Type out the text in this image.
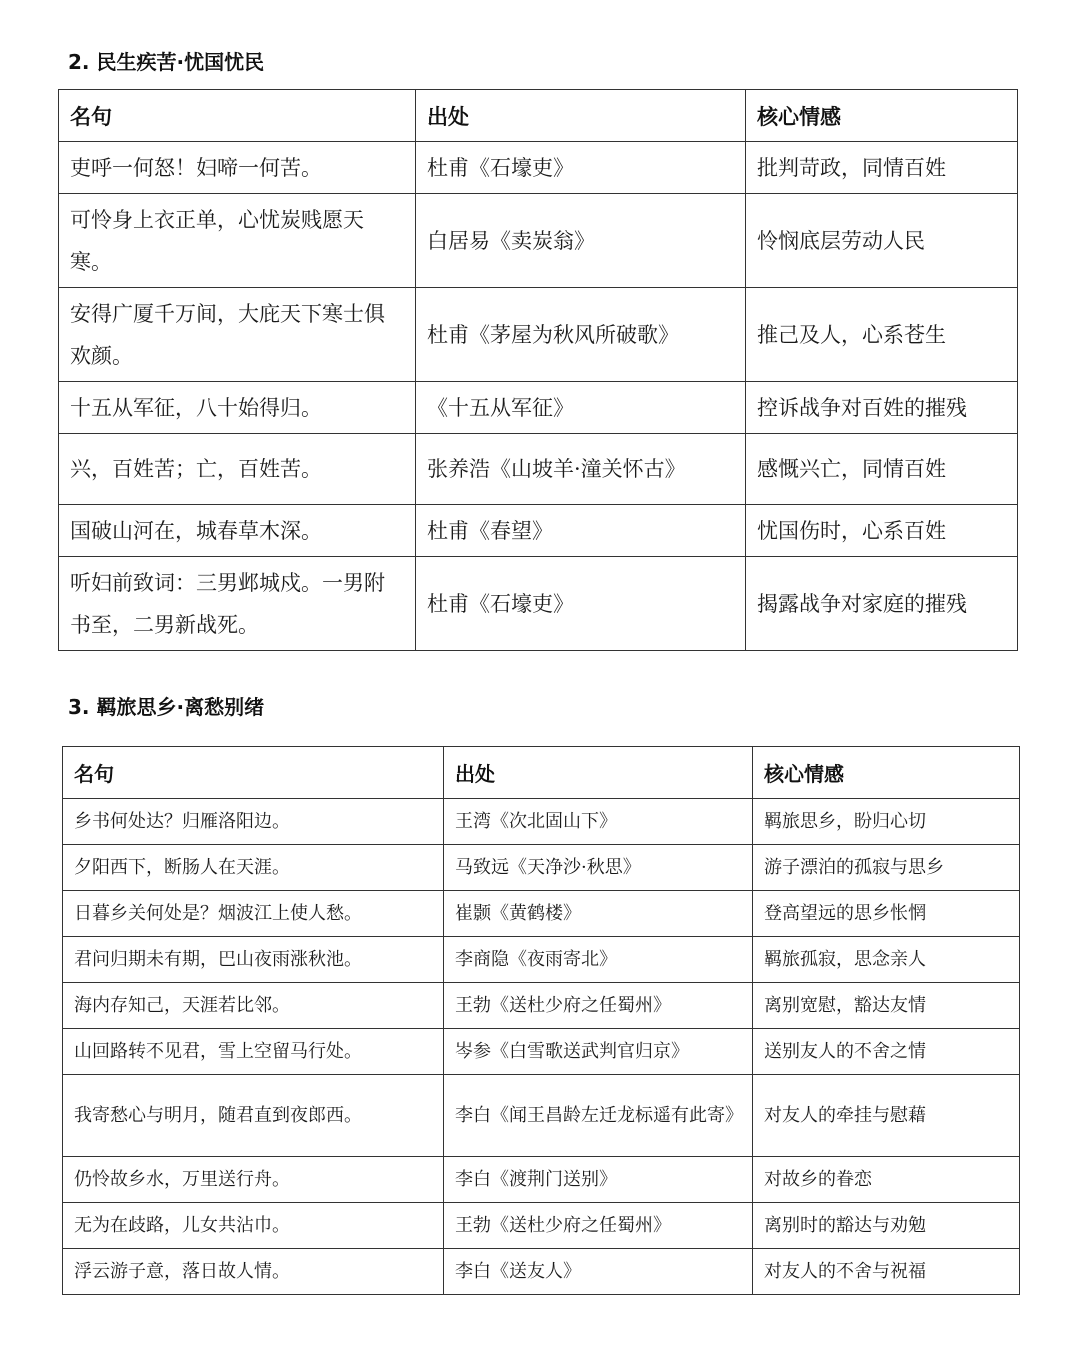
2. 民生疾苦·忧国忧民
名句	出处	核心情感
吏呼一何怒！妇啼一何苦。	杜甫《石壕吏》	批判苛政，同情百姓
可怜身上衣正单，心忧炭贱愿天寒。	白居易《卖炭翁》	怜悯底层劳动人民
安得广厦千万间，大庇天下寒士俱欢颜。	杜甫《茅屋为秋风所破歌》	推己及人，心系苍生
十五从军征，八十始得归。	《十五从军征》	控诉战争对百姓的摧残
兴，百姓苦；亡，百姓苦。	张养浩《山坡羊·潼关怀古》	感慨兴亡，同情百姓
国破山河在，城春草木深。	杜甫《春望》	忧国伤时，心系百姓
听妇前致词：三男邺城戍。一男附书至，二男新战死。	杜甫《石壕吏》	揭露战争对家庭的摧残
3. 羁旅思乡·离愁别绪
名句	出处	核心情感
乡书何处达？归雁洛阳边。	王湾《次北固山下》	羁旅思乡，盼归心切
夕阳西下，断肠人在天涯。	马致远《天净沙·秋思》	游子漂泊的孤寂与思乡
日暮乡关何处是？烟波江上使人愁。	崔颢《黄鹤楼》	登高望远的思乡怅惘
君问归期未有期，巴山夜雨涨秋池。	李商隐《夜雨寄北》	羁旅孤寂，思念亲人
海内存知己，天涯若比邻。	王勃《送杜少府之任蜀州》	离别宽慰，豁达友情
山回路转不见君，雪上空留马行处。	岑参《白雪歌送武判官归京》	送别友人的不舍之情
我寄愁心与明月，随君直到夜郎西。	李白《闻王昌龄左迁龙标遥有此寄》	对友人的牵挂与慰藉
仍怜故乡水，万里送行舟。	李白《渡荆门送别》	对故乡的眷恋
无为在歧路，儿女共沾巾。	王勃《送杜少府之任蜀州》	离别时的豁达与劝勉
浮云游子意，落日故人情。	李白《送友人》	对友人的不舍与祝福
